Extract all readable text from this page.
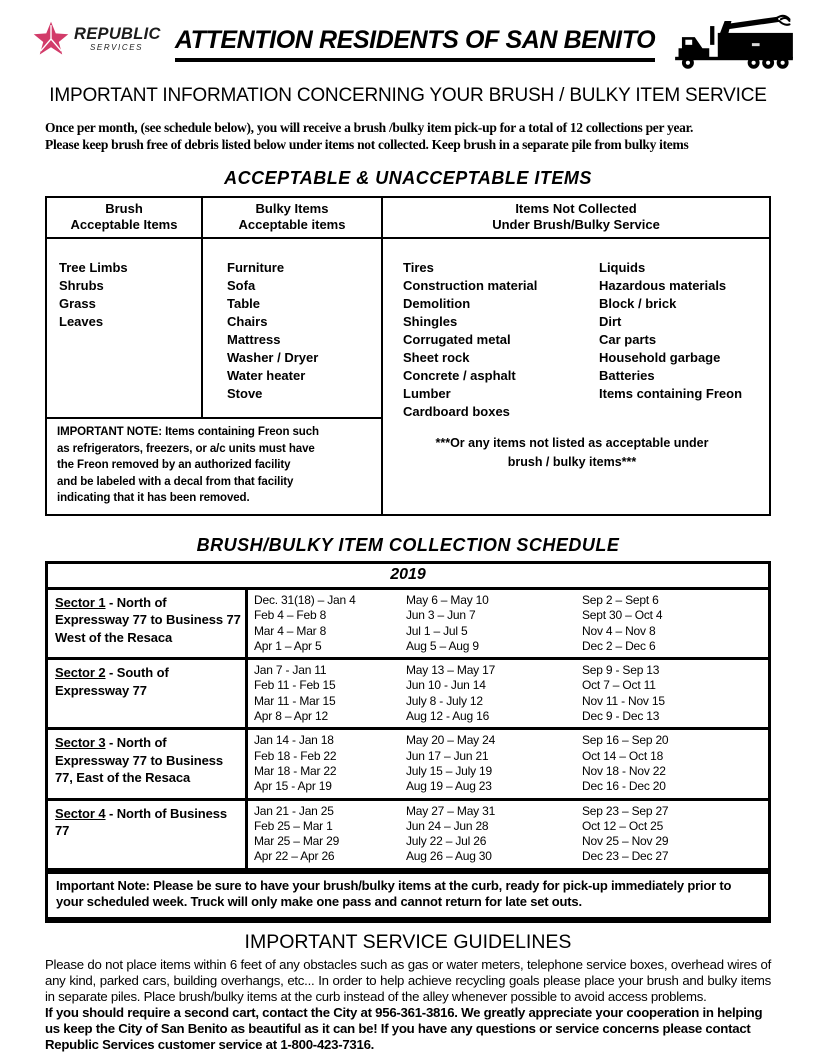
REPUBLIC
SERVICES	ATTENTION RESIDENTS OF SAN BENITO
IMPORTANT INFORMATION CONCERNING YOUR BRUSH / BULKY ITEM SERVICE
Once per month, (see schedule below), you will receive a brush /bulky item pick-up for a total of 12 collections per year.
Please keep brush free of debris listed below under items not collected. Keep brush in a separate pile from bulky items
ACCEPTABLE & UNACCEPTABLE ITEMS
Brush
Acceptable Items
Bulky Items
Acceptable items
Items Not Collected
Under Brush/Bulky Service
Tree Limbs
Shrubs
Grass
Leaves
Furniture
Sofa
Table
Chairs
Mattress
Washer / Dryer
Water heater
Stove
Tires
Construction material
Demolition
Shingles
Corrugated metal
Sheet rock
Concrete / asphalt
Lumber
Cardboard boxes
Liquids
Hazardous materials
Block / brick
Dirt
Car parts
Household garbage
Batteries
Items containing Freon
***Or any items not listed as acceptable under
brush / bulky items***
IMPORTANT NOTE: Items containing Freon such
as refrigerators, freezers, or a/c units must have
the Freon removed by an authorized facility
and be labeled with a decal from that facility
indicating that it has been removed.
BRUSH/BULKY ITEM COLLECTION SCHEDULE
2019
Sector 1 - North of Expressway 77 to Business 77 West of the Resaca
Dec. 31(18) – Jan 4
Feb 4 – Feb 8
Mar 4 – Mar 8
Apr 1 – Apr 5
May 6 – May 10
Jun 3 – Jun 7
Jul 1 – Jul 5
Aug 5 – Aug 9
Sep 2 – Sept 6
Sept 30 – Oct 4
Nov 4 – Nov 8
Dec 2 – Dec 6
Sector 2 - South of Expressway 77
Jan 7 - Jan 11
Feb 11 - Feb 15
Mar 11 - Mar 15
Apr 8 – Apr 12
May 13 – May 17
Jun 10 - Jun 14
July 8 - July 12
Aug 12 - Aug 16
Sep 9 - Sep 13
Oct 7 – Oct 11
Nov 11 - Nov 15
Dec 9 - Dec 13
Sector 3 - North of Expressway 77 to Business 77, East of the Resaca
Jan 14 - Jan 18
Feb 18 - Feb 22
Mar 18 - Mar 22
Apr 15 - Apr 19
May 20 – May 24
Jun 17 – Jun 21
July 15 – July 19
Aug 19 – Aug 23
Sep 16 – Sep 20
Oct 14 – Oct 18
Nov 18 - Nov 22
Dec 16 - Dec 20
Sector 4 - North of Business 77
Jan 21 - Jan 25
Feb 25 – Mar 1
Mar 25 – Mar 29
Apr 22 – Apr 26
May 27 – May 31
Jun 24 – Jun 28
July 22 – Jul 26
Aug 26 – Aug 30
Sep 23 – Sep 27
Oct 12 – Oct 25
Nov 25 – Nov 29
Dec 23 – Dec 27
Important Note: Please be sure to have your brush/bulky items at the curb, ready for pick-up immediately prior to your scheduled week. Truck will only make one pass and cannot return for late set outs.
IMPORTANT SERVICE GUIDELINES
Please do not place items within 6 feet of any obstacles such as gas or water meters, telephone service boxes, overhead wires of any kind, parked cars, building overhangs, etc... In order to help achieve recycling goals please place your brush and bulky items in separate piles. Place brush/bulky items at the curb instead of the alley whenever possible to avoid access problems.
If you should require a second cart, contact the City at 956-361-3816. We greatly appreciate your cooperation in helping us keep the City of San Benito as beautiful as it can be! If you have any questions or service concerns please contact Republic Services customer service at 1-800-423-7316.
